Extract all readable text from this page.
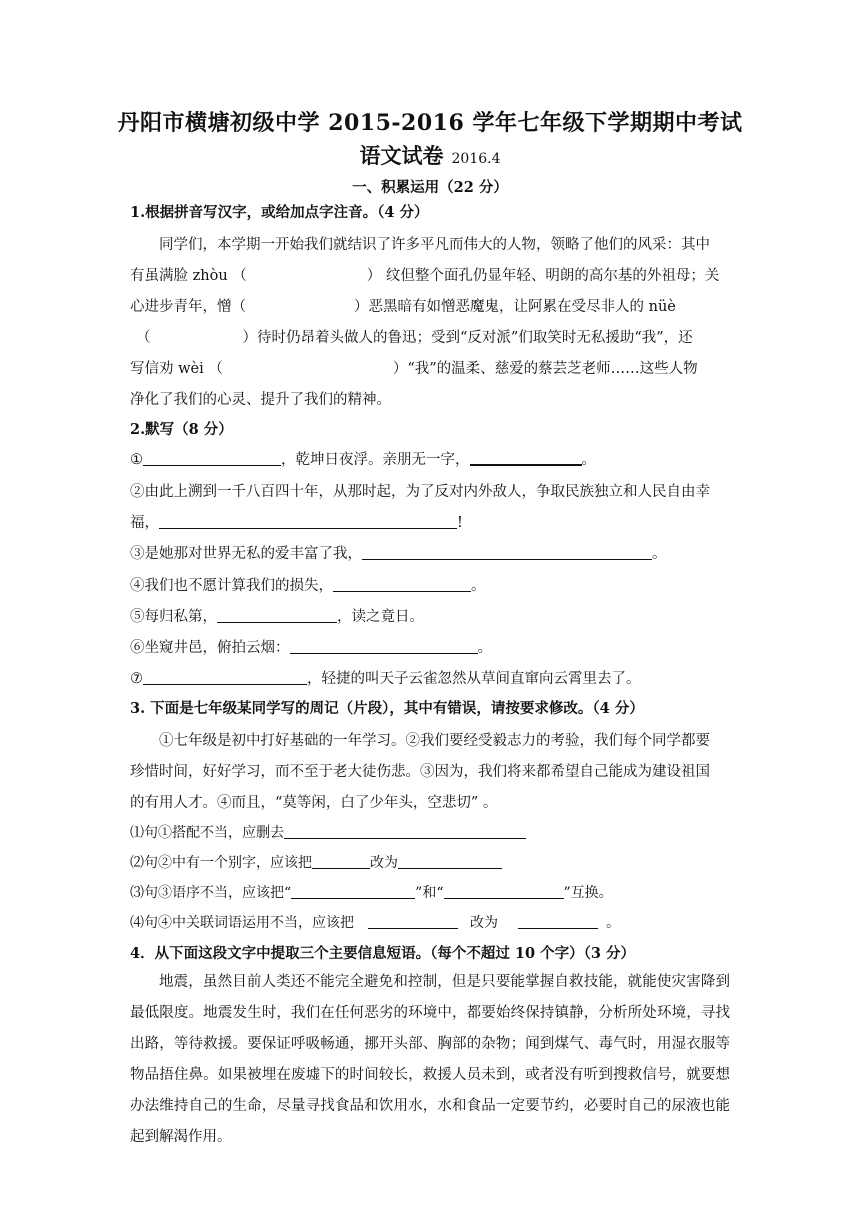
丹阳市横塘初级中学 2015-2016 学年七年级下学期期中考试
语文试卷 2016.4
一、积累运用（22 分）
1.根据拼音写汉字，或给加点字注音。（4 分）
同学们，本学期一开始我们就结识了许多平凡而伟大的人物，领略了他们的风采：其中
有虽满脸 zhòu （	） 纹但整个面孔仍显年轻、明朗的高尔基的外祖母；关
心进步青年，憎（	）恶黑暗有如憎恶魔鬼，让阿累在受尽非人的 nüè
（	）待时仍昂着头做人的鲁迅；受到“反对派”们取笑时无私援助“我”，还
写信劝 wèi （	）“我”的温柔、慈爱的蔡芸芝老师……这些人物
净化了我们的心灵、提升了我们的精神。
2.默写（8 分）
①	，乾坤日夜浮。亲朋无一字，	。
②由此上溯到一千八百四十年，从那时起，为了反对内外敌人，争取民族独立和人民自由幸
福，	!
③是她那对世界无私的爱丰富了我，	。
④我们也不愿计算我们的损失，	。
⑤每归私第，	，读之竟日。
⑥坐窥井邑，俯拍云烟：	。
⑦	，轻捷的叫天子云雀忽然从草间直窜向云霄里去了。
3. 下面是七年级某同学写的周记（片段），其中有错误，请按要求修改。（4 分）
①七年级是初中打好基础的一年学习。②我们要经受毅志力的考验，我们每个同学都要
珍惜时间，好好学习，而不至于老大徒伤悲。③因为，我们将来都希望自己能成为建设祖国
的有用人才。④而且，“莫等闲，白了少年头，空悲切” 。
⑴句①搭配不当，应删去
⑵句②中有一个别字，应该把	改为
⑶句③语序不当，应该把“	”和“	”互换。
⑷句④中关联词语运用不当，应该把	改为	。
4．从下面这段文字中提取三个主要信息短语。（每个不超过 10 个字）（3 分）
地震，虽然目前人类还不能完全避免和控制，但是只要能掌握自救技能，就能使灾害降到最低限度。地震发生时，我们在任何恶劣的环境中，都要始终保持镇静，分析所处环境，寻找出路，等待救援。要保证呼吸畅通，挪开头部、胸部的杂物；闻到煤气、毒气时，用湿衣服等物品捂住鼻。如果被埋在废墟下的时间较长，救援人员未到，或者没有听到搜救信号，就要想办法维持自己的生命，尽量寻找食品和饮用水，水和食品一定要节约，必要时自己的尿液也能起到解渴作用。
